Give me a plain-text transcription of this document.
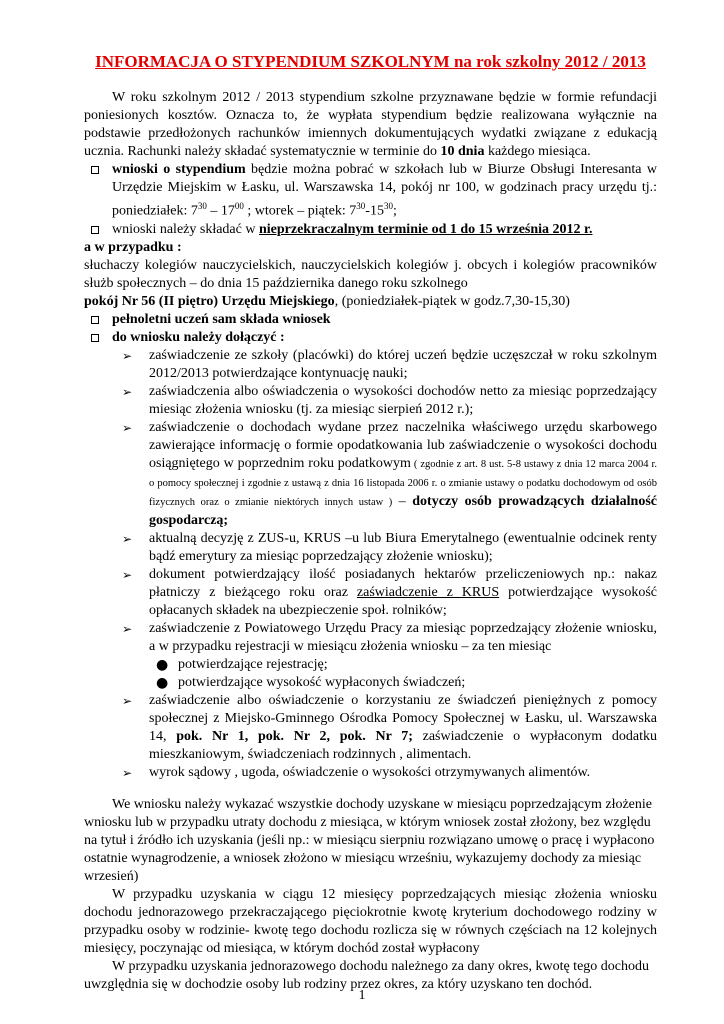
INFORMACJA O STYPENDIUM SZKOLNYM na rok szkolny 2012 / 2013

W roku szkolnym 2012 / 2013 stypendium szkolne przyznawane będzie w formie refundacji poniesionych kosztów. Oznacza to, że wypłata stypendium będzie realizowana wyłącznie na podstawie przedłożonych rachunków imiennych dokumentujących wydatki związane z edukacją ucznia. Rachunki należy składać systematycznie w terminie do 10 dnia każdego miesiąca.

wnioski o stypendium będzie można pobrać w szkołach lub w Biurze Obsługi Interesanta w Urzędzie Miejskim w Łasku, ul. Warszawska 14, pokój nr 100, w godzinach pracy urzędu tj.: poniedziałek: $7^{30} - 17^{00}$ ; wtorek – piątek: $7^{30}-15^{30}$;
wnioski należy składać w nieprzekraczalnym terminie od 1 do 15 września 2012 r.

a w przypadku :

słuchaczy kolegiów nauczycielskich, nauczycielskich kolegiów j. obcych i kolegiów pracowników służb społecznych – do dnia 15 października danego roku szkolnego

pokój Nr 56 (II piętro) Urzędu Miejskiego, (poniedziałek-piątek w godz.7,30-15,30)

pełnoletni uczeń sam składa wniosek
do wniosku należy dołączyć :
➢ zaświadczenie ze szkoły (placówki) do której uczeń będzie uczęszczał w roku szkolnym 2012/2013 potwierdzające kontynuację nauki;
➢ zaświadczenia albo oświadczenia o wysokości dochodów netto za miesiąc poprzedzający miesiąc złożenia wniosku (tj. za miesiąc sierpień 2012 r.);
➢ zaświadczenie o dochodach wydane przez naczelnika właściwego urzędu skarbowego zawierające informację o formie opodatkowania lub zaświadczenie o wysokości dochodu osiągniętego w poprzednim roku podatkowym ( zgodnie z art. 8 ust. 5-8 ustawy z dnia 12 marca 2004 r. o pomocy społecznej i zgodnie z ustawą z dnia 16 listopada 2006 r. o zmianie ustawy o podatku dochodowym od osób fizycznych oraz o zmianie niektórych innych ustaw ) – dotyczy osób prowadzących działalność gospodarczą;
➢ aktualną decyzję z ZUS-u, KRUS –u lub Biura Emerytalnego (ewentualnie odcinek renty bądź emerytury za miesiąc poprzedzający złożenie wniosku);
➢ dokument potwierdzający ilość posiadanych hektarów przeliczeniowych np.: nakaz płatniczy z bieżącego roku oraz zaświadczenie z KRUS potwierdzające wysokość opłacanych składek na ubezpieczenie społ. rolników;
➢ zaświadczenie z Powiatowego Urzędu Pracy za miesiąc poprzedzający złożenie wniosku, a w przypadku rejestracji w miesiącu złożenia wniosku – za ten miesiąc
● potwierdzające rejestrację;
● potwierdzające wysokość wypłaconych świadczeń;
➢ zaświadczenie albo oświadczenie o korzystaniu ze świadczeń pieniężnych z pomocy społecznej z Miejsko-Gminnego Ośrodka Pomocy Społecznej w Łasku, ul. Warszawska 14, pok. Nr 1, pok. Nr 2, pok. Nr 7; zaświadczenie o wypłaconym dodatku mieszkaniowym, świadczeniach rodzinnych , alimentach.
➢ wyrok sądowy , ugoda, oświadczenie o wysokości otrzymywanych alimentów.

We wniosku należy wykazać wszystkie dochody uzyskane w miesiącu poprzedzającym złożenie wniosku lub w przypadku utraty dochodu z miesiąca, w którym wniosek został złożony, bez względu na tytuł i źródło ich uzyskania (jeśli np.: w miesiącu sierpniu rozwiązano umowę o pracę i wypłacono ostatnie wynagrodzenie, a wniosek złożono w miesiącu wrześniu, wykazujemy dochody za miesiąc wrzesień)

W przypadku uzyskania w ciągu 12 miesięcy poprzedzających miesiąc złożenia wniosku dochodu jednorazowego przekraczającego pięciokrotnie kwotę kryterium dochodowego rodziny w przypadku osoby w rodzinie- kwotę tego dochodu rozlicza się w równych częściach na 12 kolejnych miesięcy, poczynając od miesiąca, w którym dochód został wypłacony

W przypadku uzyskania jednorazowego dochodu należnego za dany okres, kwotę tego dochodu uwzględnia się w dochodzie osoby lub rodziny przez okres, za który uzyskano ten dochód.

1
